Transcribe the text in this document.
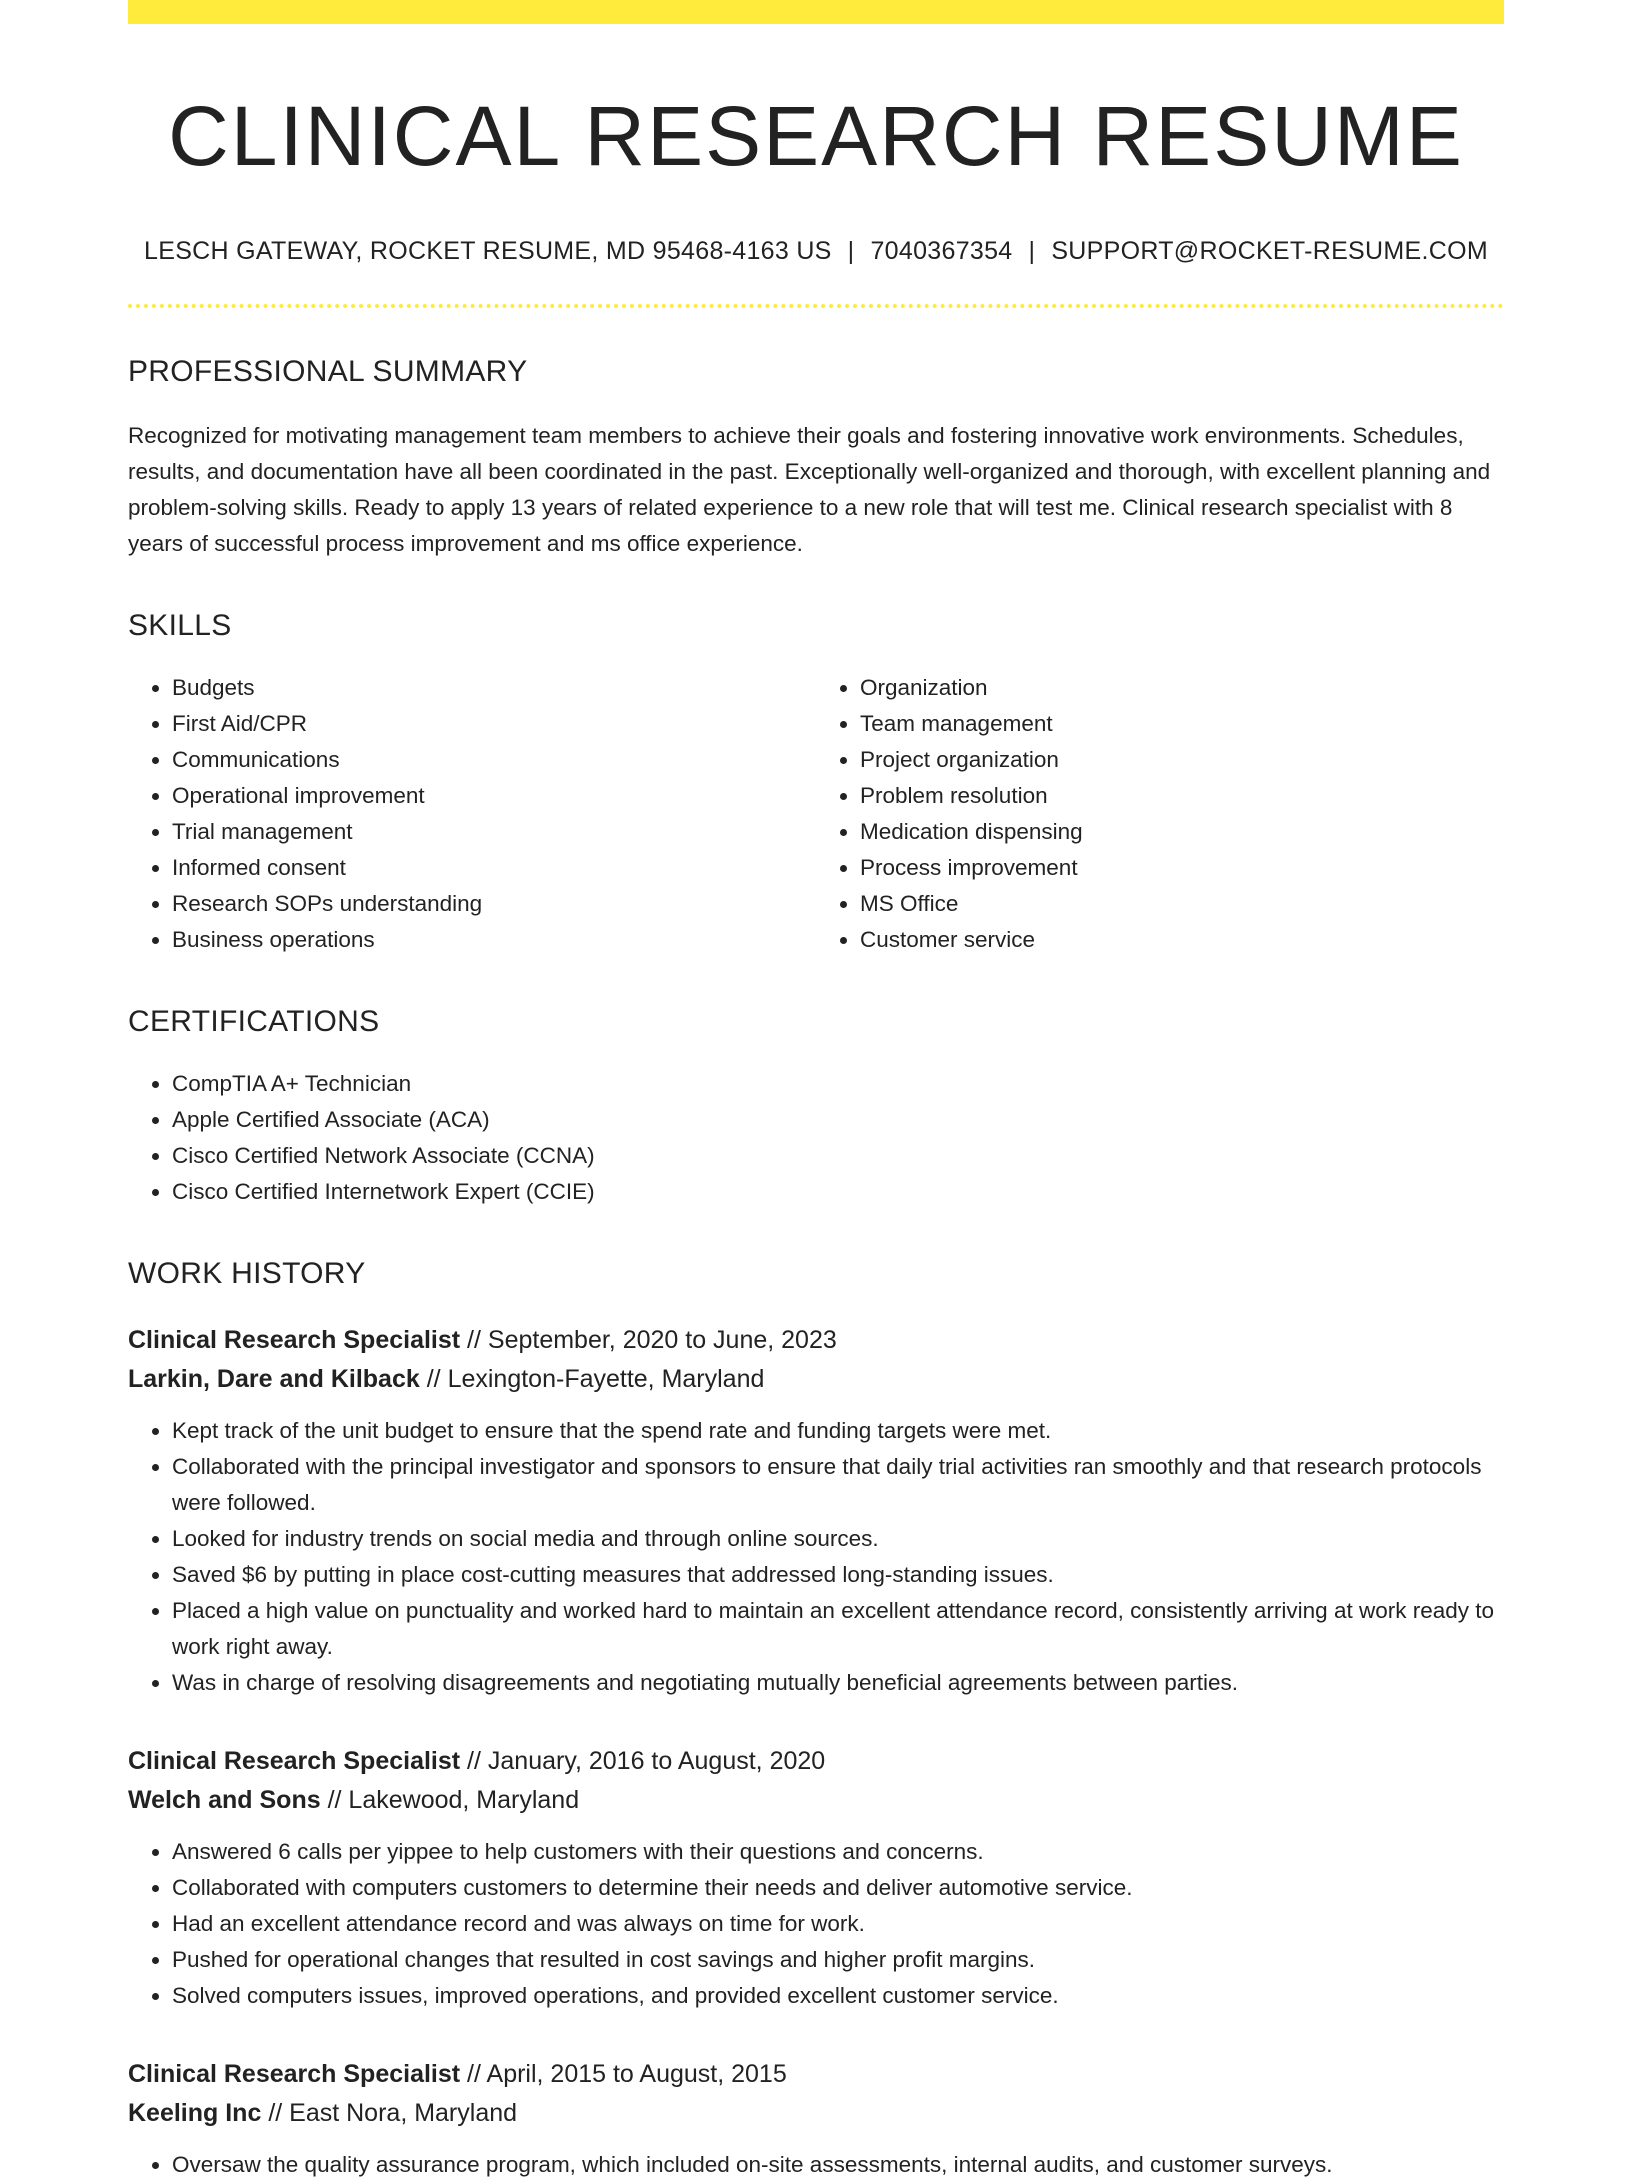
CLINICAL RESEARCH RESUME
LESCH GATEWAY, ROCKET RESUME, MD 95468-4163 US | 7040367354 | SUPPORT@ROCKET-RESUME.COM
PROFESSIONAL SUMMARY
Recognized for motivating management team members to achieve their goals and fostering innovative work environments. Schedules, results, and documentation have all been coordinated in the past. Exceptionally well-organized and thorough, with excellent planning and problem-solving skills. Ready to apply 13 years of related experience to a new role that will test me. Clinical research specialist with 8 years of successful process improvement and ms office experience.
SKILLS
• Budgets
• First Aid/CPR
• Communications
• Operational improvement
• Trial management
• Informed consent
• Research SOPs understanding
• Business operations
• Organization
• Team management
• Project organization
• Problem resolution
• Medication dispensing
• Process improvement
• MS Office
• Customer service
CERTIFICATIONS
• CompTIA A+ Technician
• Apple Certified Associate (ACA)
• Cisco Certified Network Associate (CCNA)
• Cisco Certified Internetwork Expert (CCIE)
WORK HISTORY
Clinical Research Specialist // September, 2020 to June, 2023
Larkin, Dare and Kilback // Lexington-Fayette, Maryland
• Kept track of the unit budget to ensure that the spend rate and funding targets were met.
• Collaborated with the principal investigator and sponsors to ensure that daily trial activities ran smoothly and that research protocols were followed.
• Looked for industry trends on social media and through online sources.
• Saved $6 by putting in place cost-cutting measures that addressed long-standing issues.
• Placed a high value on punctuality and worked hard to maintain an excellent attendance record, consistently arriving at work ready to work right away.
• Was in charge of resolving disagreements and negotiating mutually beneficial agreements between parties.
Clinical Research Specialist // January, 2016 to August, 2020
Welch and Sons // Lakewood, Maryland
• Answered 6 calls per yippee to help customers with their questions and concerns.
• Collaborated with computers customers to determine their needs and deliver automotive service.
• Had an excellent attendance record and was always on time for work.
• Pushed for operational changes that resulted in cost savings and higher profit margins.
• Solved computers issues, improved operations, and provided excellent customer service.
Clinical Research Specialist // April, 2015 to August, 2015
Keeling Inc // East Nora, Maryland
• Oversaw the quality assurance program, which included on-site assessments, internal audits, and customer surveys.
